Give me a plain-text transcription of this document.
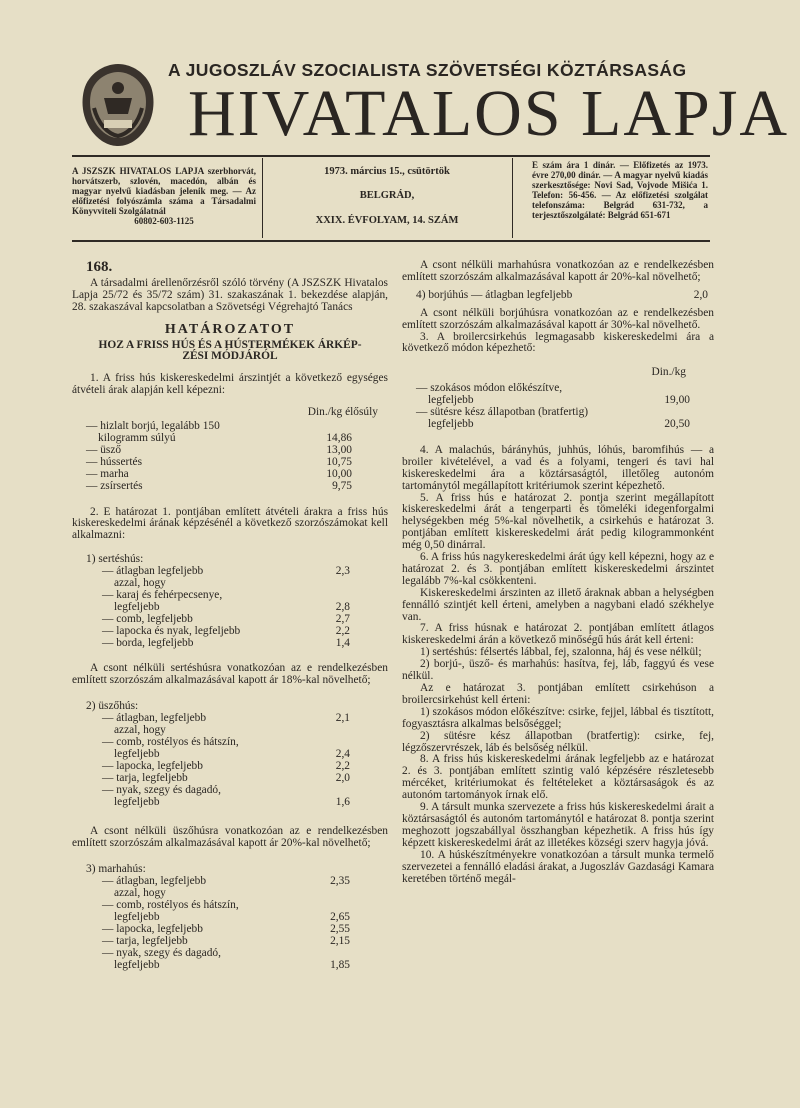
A JUGOSZLÁV SZOCIALISTA SZÖVETSÉGI KÖZTÁRSASÁG
HIVATALOS LAPJA
A JSZSZK HIVATALOS LAPJA szerbhorvát, horvátszerb, szlovén, macedón, albán és magyar nyelvű kiadásban jelenik meg. — Az előfizetési folyószámla száma a Társadalmi Könyvviteli Szolgálatnál
60802-603-1125
1973. március 15., csütörtök
BELGRÁD,
XXIX. ÉVFOLYAM, 14. SZÁM
E szám ára 1 dinár. — Előfizetés az 1973. évre 270,00 dinár. — A magyar nyelvű kiadás szerkesztősége: Novi Sad, Vojvode Mišića 1. Telefon: 56-456. — Az előfizetési szolgálat telefonszáma: Belgrád 631-732, a terjesztőszolgálaté: Belgrád 651-671

168.

A társadalmi árellenőrzésről szóló törvény (A JSZSZK Hivatalos Lapja 25/72 és 35/72 szám) 31. szakaszának 1. bekezdése alapján, 28. szakaszával kapcsolatban a Szövetségi Végrehajtó Tanács

HATÁROZATOT

HOZ A FRISS HÚS ÉS A HÚSTERMÉKEK ÁRKÉP-

ZÉSI MÓDJÁRÓL

1. A friss hús kiskereskedelmi árszintjét a következő egységes átvételi árak alapján kell képezni:

Din./kg élősúly

— hizlalt borjú, legalább 150
kilogramm súlyú	14,86
— üsző	13,00
— hússertés	10,75
— marha	10,00
— zsírsertés	9,75

2. E határozat 1. pontjában említett átvételi árakra a friss hús kiskereskedelmi árának képzésénél a következő szorzószámokat kell alkalmazni:

1) sertéshús:

— átlagban legfeljebb	2,3
azzal, hogy
— karaj és fehérpecsenye,
legfeljebb	2,8
— comb, legfeljebb	2,7
— lapocka és nyak, legfeljebb	2,2
— borda, legfeljebb	1,4

A csont nélküli sertéshúsra vonatkozóan az e rendelkezésben említett szorzószám alkalmazásával kapott ár 18%-kal növelhető;

2) üszőhús:

— átlagban, legfeljebb	2,1
azzal, hogy
— comb, rostélyos és hátszín,
legfeljebb	2,4
— lapocka, legfeljebb	2,2
— tarja, legfeljebb	2,0
— nyak, szegy és dagadó,
legfeljebb	1,6

A csont nélküli üszőhúsra vonatkozóan az e rendelkezésben említett szorzószám alkalmazásával kapott ár 20%-kal növelhető;

3) marhahús:

— átlagban, legfeljebb	2,35
azzal, hogy
— comb, rostélyos és hátszín,
legfeljebb	2,65
— lapocka, legfeljebb	2,55
— tarja, legfeljebb	2,15
— nyak, szegy és dagadó,
legfeljebb	1,85

A csont nélküli marhahúsra vonatkozóan az e rendelkezésben említett szorzószám alkalmazásával kapott ár 20%-kal növelhető;

4) borjúhús — átlagban legfeljebb	2,0

A csont nélküli borjúhúsra vonatkozóan az e rendelkezésben említett szorzószám alkalmazásával kapott ár 30%-kal növelhető.

3. A broilercsirkehús legmagasabb kiskereskedelmi ára a következő módon képezhető:

Din./kg

— szokásos módon előkészítve,
legfeljebb	19,00
— sütésre kész állapotban (bratfertig)
legfeljebb	20,50

4. A malachús, bárányhús, juhhús, lóhús, baromfihús — a broiler kivételével, a vad és a folyami, tengeri és tavi hal kiskereskedelmi ára a köztársaságtól, illetőleg autonóm tartománytól megállapított kritériumok szerint képezhető.

5. A friss hús e határozat 2. pontja szerint megállapított kiskereskedelmi árát a tengerparti és tömeléki idegenforgalmi helységekben még 5%-kal növelhetik, a csirkehús e határozat 3. pontjában említett kiskereskedelmi árát pedig kilogrammonként még 0,50 dinárral.

6. A friss hús nagykereskedelmi árát úgy kell képezni, hogy az e határozat 2. és 3. pontjában említett kiskereskedelmi árszintet legalább 7%-kal csökkenteni.

Kiskereskedelmi árszinten az illető áraknak abban a helységben fennálló szintjét kell érteni, amelyben a nagybani eladó székhelye van.

7. A friss húsnak e határozat 2. pontjában említett átlagos kiskereskedelmi árán a következő minőségű hús árát kell érteni:

1) sertéshús: félsertés lábbal, fej, szalonna, háj és vese nélkül;

2) borjú-, üsző- és marhahús: hasítva, fej, láb, faggyú és vese nélkül.

Az e határozat 3. pontjában említett csirkehúson a broilercsirkehúst kell érteni:

1) szokásos módon előkészítve: csirke, fejjel, lábbal és tisztított, fogyasztásra alkalmas belsőséggel;

2) sütésre kész állapotban (bratfertig): csirke, fej, légzőszervrészek, láb és belsőség nélkül.

8. A friss hús kiskereskedelmi árának legfeljebb az e határozat 2. és 3. pontjában említett szintig való képzésére részletesebb mércéket, kritériumokat és feltételeket a köztársaságok és az autonóm tartományok írnak elő.

9. A társult munka szervezete a friss hús kiskereskedelmi árait a köztársaságtól és autonóm tartománytól e határozat 8. pontja szerint meghozott jogszabállyal összhangban képezhetik. A friss hús így képzett kiskereskedelmi árát az illetékes községi szerv hagyja jóvá.

10. A húskészítményekre vonatkozóan a társult munka termelő szervezetei a fennálló eladási árakat, a Jugoszláv Gazdasági Kamara keretében történő megál-
